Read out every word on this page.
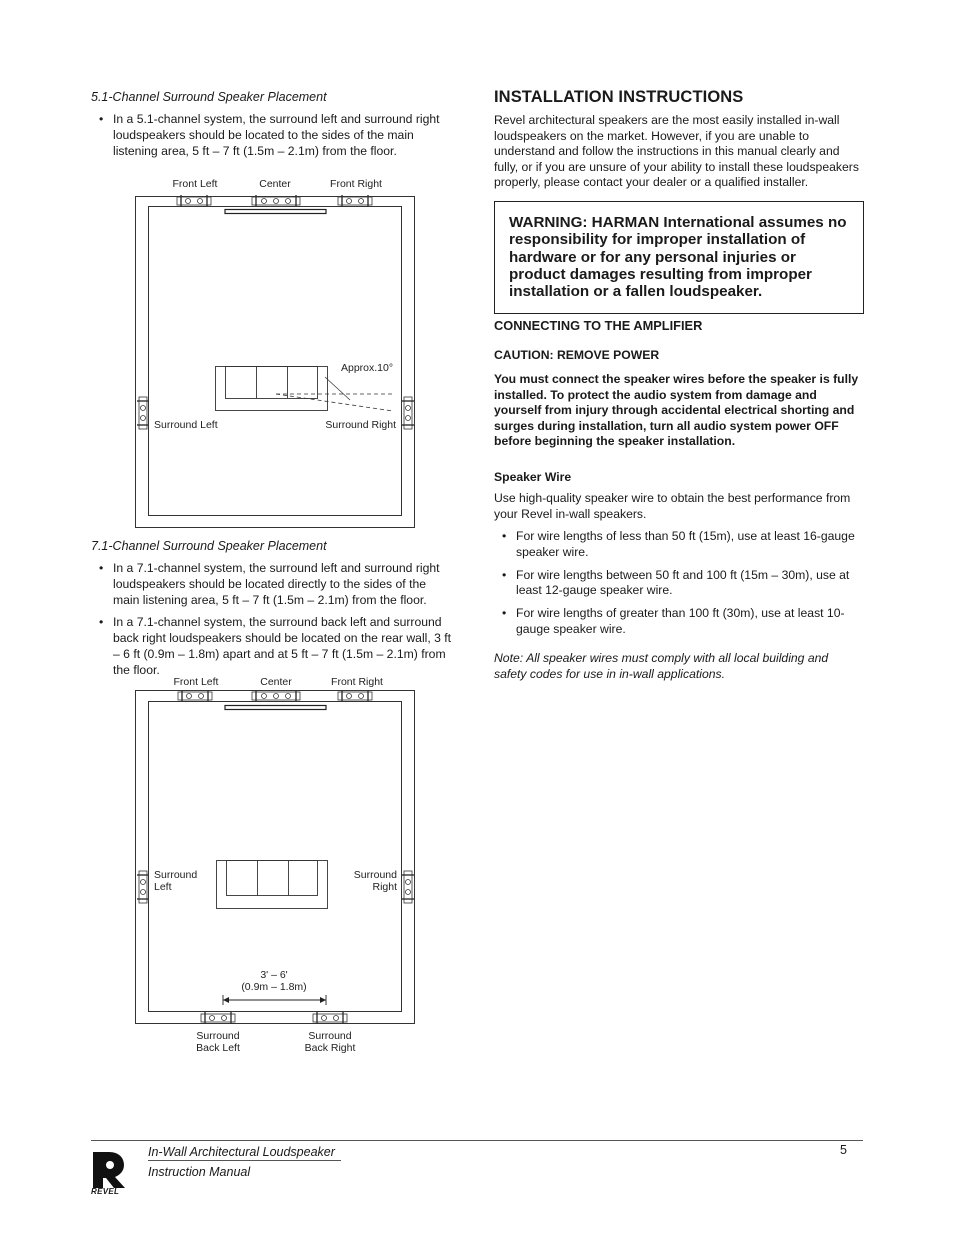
5.1-Channel Surround Speaker Placement
• In a 5.1-channel system, the surround left and surround right loudspeakers should be located to the sides of the main listening area, 5 ft – 7 ft (1.5m – 2.1m) from the floor.
Front Left	Center	Front Right
Approx.10°
Surround Left	Surround Right
7.1-Channel Surround Speaker Placement
• In a 7.1-channel system, the surround left and surround right loudspeakers should be located directly to the sides of the main listening area, 5 ft – 7 ft (1.5m – 2.1m) from the floor.
• In a 7.1-channel system, the surround back left and surround back right loudspeakers should be located on the rear wall, 3 ft – 6 ft (0.9m – 1.8m) apart and at 5 ft – 7 ft (1.5m – 2.1m) from the floor.
Front Left	Center	Front Right
Surround
Left
Surround
Right
3' – 6'
(0.9m – 1.8m)
Surround
Back Left
Surround
Back Right
INSTALLATION INSTRUCTIONS

Revel architectural speakers are the most easily installed in-wall loudspeakers on the market. However, if you are unable to understand and follow the instructions in this manual clearly and fully, or if you are unsure of your ability to install these loudspeakers properly, please contact your dealer or a qualified installer.

WARNING: HARMAN International assumes no responsibility for improper installation of hardware or for any personal injuries or product damages resulting from improper installation or a fallen loudspeaker.

CONNECTING TO THE AMPLIFIER
CAUTION: REMOVE POWER

You must connect the speaker wires before the speaker is fully installed. To protect the audio system from damage and yourself from injury through accidental electrical shorting and surges during installation, turn all audio system power OFF before beginning the speaker installation.

Speaker Wire

Use high-quality speaker wire to obtain the best performance from your Revel in-wall speakers.

• For wire lengths of less than 50 ft (15m), use at least 16-gauge speaker wire.
• For wire lengths between 50 ft and 100 ft (15m – 30m), use at least 12-gauge speaker wire.
• For wire lengths of greater than 100 ft (30m), use at least 10-gauge speaker wire.

Note: All speaker wires must comply with all local building and safety codes for use in in-wall applications.

REVEL
In-Wall Architectural Loudspeaker
Instruction Manual
5
